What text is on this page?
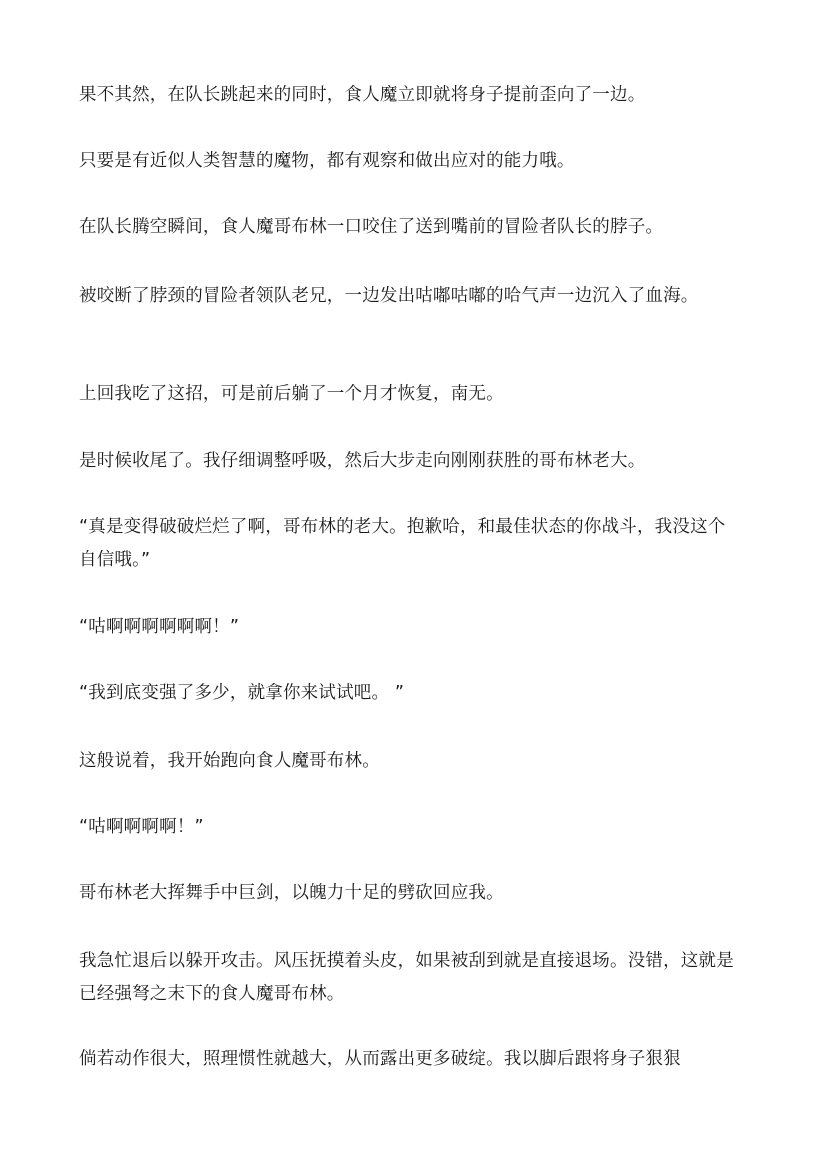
果不其然，在队长跳起来的同时，食人魔立即就将身子提前歪向了一边。

只要是有近似人类智慧的魔物，都有观察和做出应对的能力哦。

在队长腾空瞬间，食人魔哥布林一口咬住了送到嘴前的冒险者队长的脖子。

被咬断了脖颈的冒险者领队老兄，一边发出咕嘟咕嘟的哈气声一边沉入了血海。

上回我吃了这招，可是前后躺了一个月才恢复，南无。

是时候收尾了。我仔细调整呼吸，然后大步走向刚刚获胜的哥布林老大。

“真是变得破破烂烂了啊，哥布林的老大。抱歉哈，和最佳状态的你战斗，我没这个自信哦。”

“咕啊啊啊啊啊啊！”

“我到底变强了多少，就拿你来试试吧。 ”

这般说着，我开始跑向食人魔哥布林。

“咕啊啊啊啊！”

哥布林老大挥舞手中巨剑，以魄力十足的劈砍回应我。

我急忙退后以躲开攻击。风压抚摸着头皮，如果被刮到就是直接退场。没错，这就是已经强弩之末下的食人魔哥布林。

倘若动作很大，照理惯性就越大，从而露出更多破绽。我以脚后跟将身子狠狠
